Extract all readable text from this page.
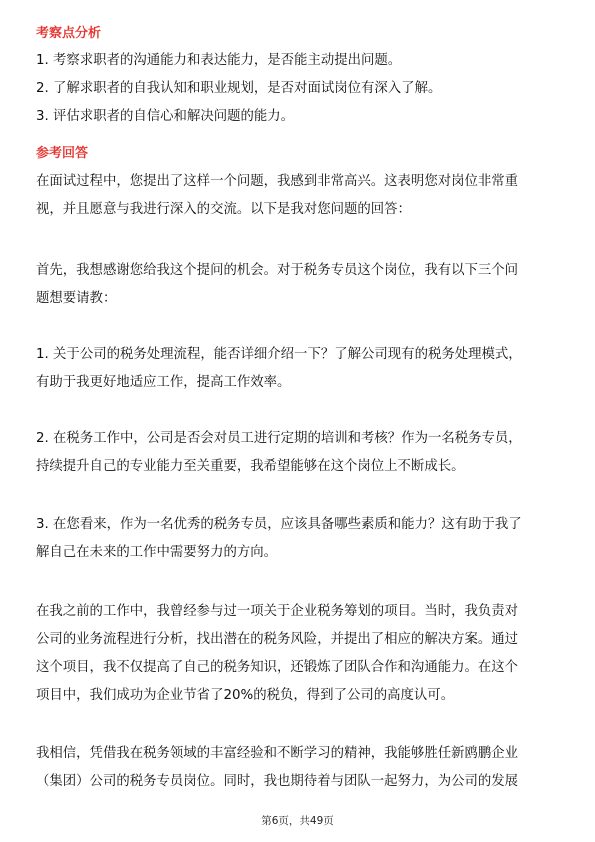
考察点分析
1. 考察求职者的沟通能力和表达能力，是否能主动提出问题。
2. 了解求职者的自我认知和职业规划，是否对面试岗位有深入了解。
3. 评估求职者的自信心和解决问题的能力。
参考回答
在面试过程中，您提出了这样一个问题，我感到非常高兴。这表明您对岗位非常重
视，并且愿意与我进行深入的交流。以下是我对您问题的回答：
首先，我想感谢您给我这个提问的机会。对于税务专员这个岗位，我有以下三个问
题想要请教：
1. 关于公司的税务处理流程，能否详细介绍一下？了解公司现有的税务处理模式，
有助于我更好地适应工作，提高工作效率。
2. 在税务工作中，公司是否会对员工进行定期的培训和考核？作为一名税务专员，
持续提升自己的专业能力至关重要，我希望能够在这个岗位上不断成长。
3. 在您看来，作为一名优秀的税务专员，应该具备哪些素质和能力？这有助于我了
解自己在未来的工作中需要努力的方向。
在我之前的工作中，我曾经参与过一项关于企业税务筹划的项目。当时，我负责对
公司的业务流程进行分析，找出潜在的税务风险，并提出了相应的解决方案。通过
这个项目，我不仅提高了自己的税务知识，还锻炼了团队合作和沟通能力。在这个
项目中，我们成功为企业节省了20%的税负，得到了公司的高度认可。
我相信，凭借我在税务领域的丰富经验和不断学习的精神，我能够胜任新鸥鹏企业
（集团）公司的税务专员岗位。同时，我也期待着与团队一起努力，为公司的发展
第6页，共49页
